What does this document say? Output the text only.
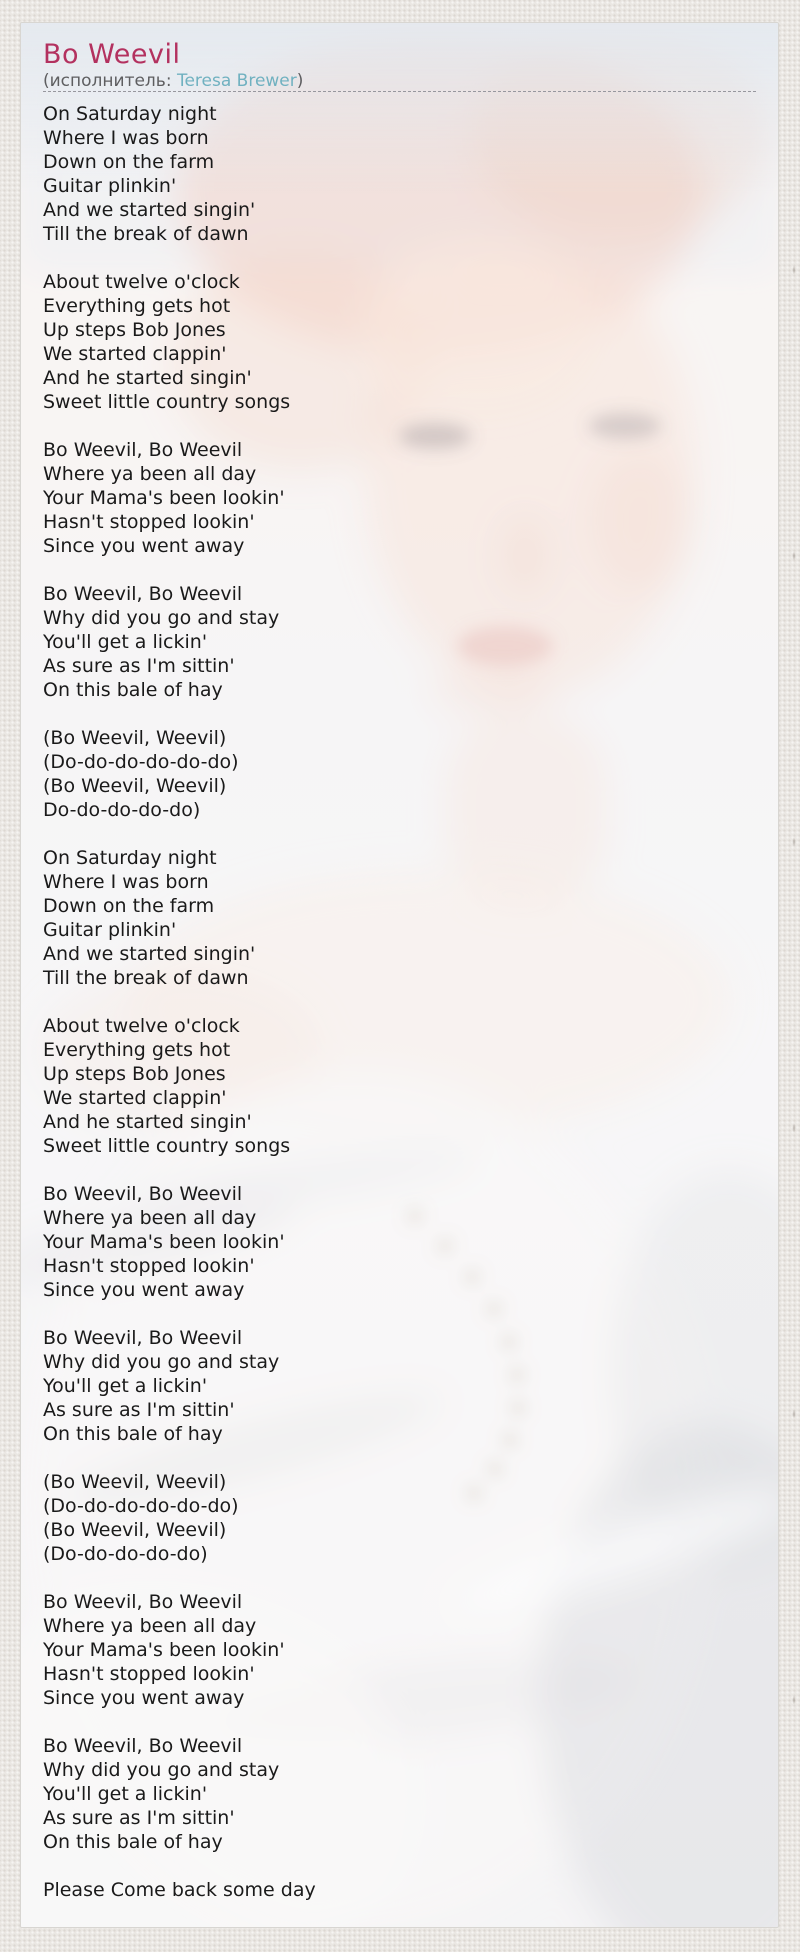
Bo Weevil
(исполнитель: Teresa Brewer)
On Saturday night
Where I was born
Down on the farm
Guitar plinkin'
And we started singin'
Till the break of dawn
About twelve o'clock
Everything gets hot
Up steps Bob Jones
We started clappin'
And he started singin'
Sweet little country songs
Bo Weevil, Bo Weevil
Where ya been all day
Your Mama's been lookin'
Hasn't stopped lookin'
Since you went away
Bo Weevil, Bo Weevil
Why did you go and stay
You'll get a lickin'
As sure as I'm sittin'
On this bale of hay
(Bo Weevil, Weevil)
(Do-do-do-do-do-do)
(Bo Weevil, Weevil)
Do-do-do-do-do)
On Saturday night
Where I was born
Down on the farm
Guitar plinkin'
And we started singin'
Till the break of dawn
About twelve o'clock
Everything gets hot
Up steps Bob Jones
We started clappin'
And he started singin'
Sweet little country songs
Bo Weevil, Bo Weevil
Where ya been all day
Your Mama's been lookin'
Hasn't stopped lookin'
Since you went away
Bo Weevil, Bo Weevil
Why did you go and stay
You'll get a lickin'
As sure as I'm sittin'
On this bale of hay
(Bo Weevil, Weevil)
(Do-do-do-do-do-do)
(Bo Weevil, Weevil)
(Do-do-do-do-do)
Bo Weevil, Bo Weevil
Where ya been all day
Your Mama's been lookin'
Hasn't stopped lookin'
Since you went away
Bo Weevil, Bo Weevil
Why did you go and stay
You'll get a lickin'
As sure as I'm sittin'
On this bale of hay
Please Come back some day
